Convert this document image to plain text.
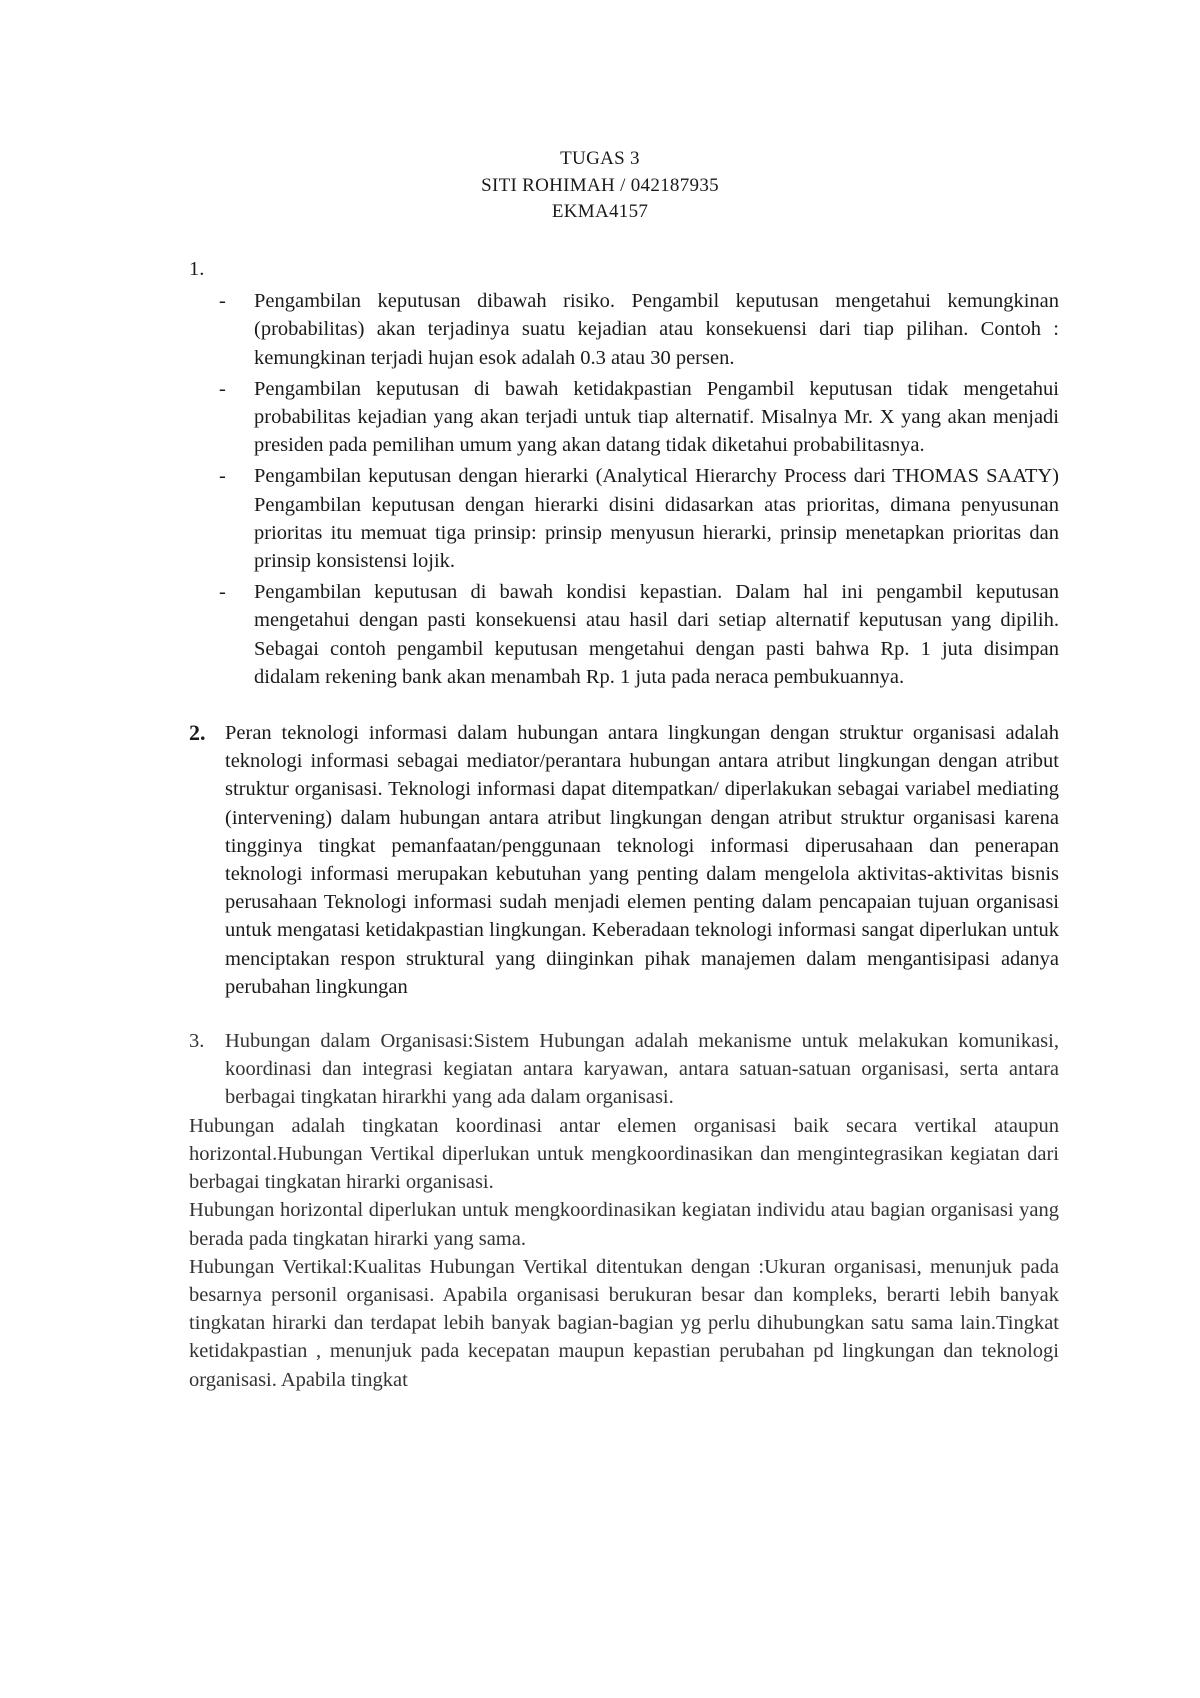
TUGAS 3
SITI ROHIMAH / 042187935
EKMA4157

1.

- Pengambilan keputusan dibawah risiko. Pengambil keputusan mengetahui kemungkinan (probabilitas) akan terjadinya suatu kejadian atau konsekuensi dari tiap pilihan. Contoh : kemungkinan terjadi hujan esok adalah 0.3 atau 30 persen.
- Pengambilan keputusan di bawah ketidakpastian Pengambil keputusan tidak mengetahui probabilitas kejadian yang akan terjadi untuk tiap alternatif. Misalnya Mr. X yang akan menjadi presiden pada pemilihan umum yang akan datang tidak diketahui probabilitasnya.
- Pengambilan keputusan dengan hierarki (Analytical Hierarchy Process dari THOMAS SAATY) Pengambilan keputusan dengan hierarki disini didasarkan atas prioritas, dimana penyusunan prioritas itu memuat tiga prinsip: prinsip menyusun hierarki, prinsip menetapkan prioritas dan prinsip konsistensi lojik.
- Pengambilan keputusan di bawah kondisi kepastian. Dalam hal ini pengambil keputusan mengetahui dengan pasti konsekuensi atau hasil dari setiap alternatif keputusan yang dipilih. Sebagai contoh pengambil keputusan mengetahui dengan pasti bahwa Rp. 1 juta disimpan didalam rekening bank akan menambah Rp. 1 juta pada neraca pembukuannya.
2. Peran teknologi informasi dalam hubungan antara lingkungan dengan struktur organisasi adalah teknologi informasi sebagai mediator/perantara hubungan antara atribut lingkungan dengan atribut struktur organisasi. Teknologi informasi dapat ditempatkan/ diperlakukan sebagai variabel mediating (intervening) dalam hubungan antara atribut lingkungan dengan atribut struktur organisasi karena tingginya tingkat pemanfaatan/penggunaan teknologi informasi diperusahaan dan penerapan teknologi informasi merupakan kebutuhan yang penting dalam mengelola aktivitas-aktivitas bisnis perusahaan Teknologi informasi sudah menjadi elemen penting dalam pencapaian tujuan organisasi untuk mengatasi ketidakpastian lingkungan. Keberadaan teknologi informasi sangat diperlukan untuk menciptakan respon struktural yang diinginkan pihak manajemen dalam mengantisipasi adanya perubahan lingkungan

3. Hubungan dalam Organisasi:Sistem Hubungan adalah mekanisme untuk melakukan komunikasi, koordinasi dan integrasi kegiatan antara karyawan, antara satuan-satuan organisasi, serta antara berbagai tingkatan hirarkhi yang ada dalam organisasi.

Hubungan adalah tingkatan koordinasi antar elemen organisasi baik secara vertikal ataupun horizontal.Hubungan Vertikal diperlukan untuk mengkoordinasikan dan mengintegrasikan kegiatan dari berbagai tingkatan hirarki organisasi.

Hubungan horizontal diperlukan untuk mengkoordinasikan kegiatan individu atau bagian organisasi yang berada pada tingkatan hirarki yang sama.

Hubungan Vertikal:Kualitas Hubungan Vertikal ditentukan dengan :Ukuran organisasi, menunjuk pada besarnya personil organisasi. Apabila organisasi berukuran besar dan kompleks, berarti lebih banyak tingkatan hirarki dan terdapat lebih banyak bagian-bagian yg perlu dihubungkan satu sama lain.Tingkat ketidakpastian , menunjuk pada kecepatan maupun kepastian perubahan pd lingkungan dan teknologi organisasi. Apabila tingkat
